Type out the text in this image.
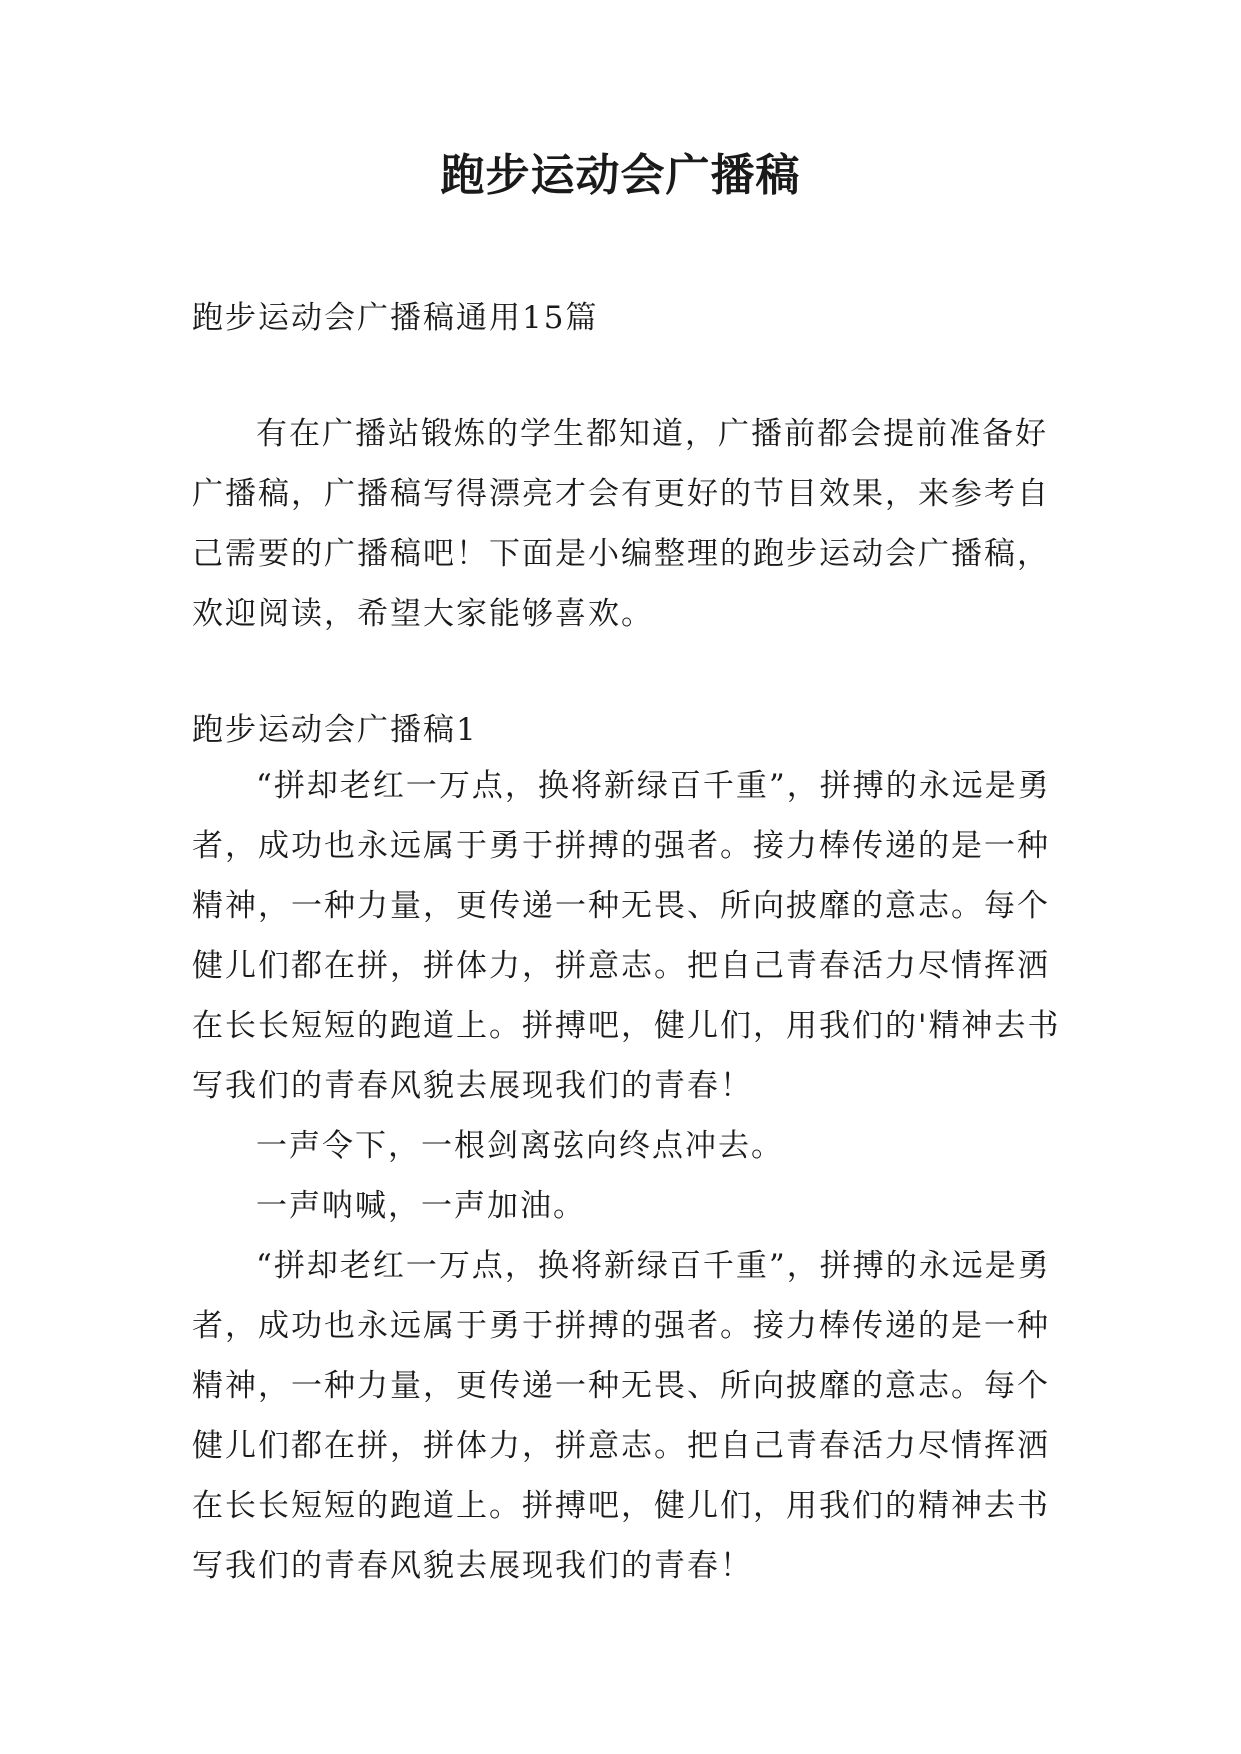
跑步运动会广播稿

跑步运动会广播稿通用15篇

有在广播站锻炼的学生都知道，广播前都会提前准备好广播稿，广播稿写得漂亮才会有更好的节目效果，来参考自己需要的广播稿吧！下面是小编整理的跑步运动会广播稿，欢迎阅读，希望大家能够喜欢。

跑步运动会广播稿1

“拼却老红一万点，换将新绿百千重”，拼搏的永远是勇者，成功也永远属于勇于拼搏的强者。接力棒传递的是一种精神，一种力量，更传递一种无畏、所向披靡的意志。每个健儿们都在拼，拼体力，拼意志。把自己青春活力尽情挥洒在长长短短的跑道上。拼搏吧，健儿们，用我们的'精神去书写我们的青春风貌去展现我们的青春！

一声令下，一根剑离弦向终点冲去。

一声呐喊，一声加油。

“拼却老红一万点，换将新绿百千重”，拼搏的永远是勇者，成功也永远属于勇于拼搏的强者。接力棒传递的是一种精神，一种力量，更传递一种无畏、所向披靡的意志。每个健儿们都在拼，拼体力，拼意志。把自己青春活力尽情挥洒在长长短短的跑道上。拼搏吧，健儿们，用我们的精神去书写我们的青春风貌去展现我们的青春！
